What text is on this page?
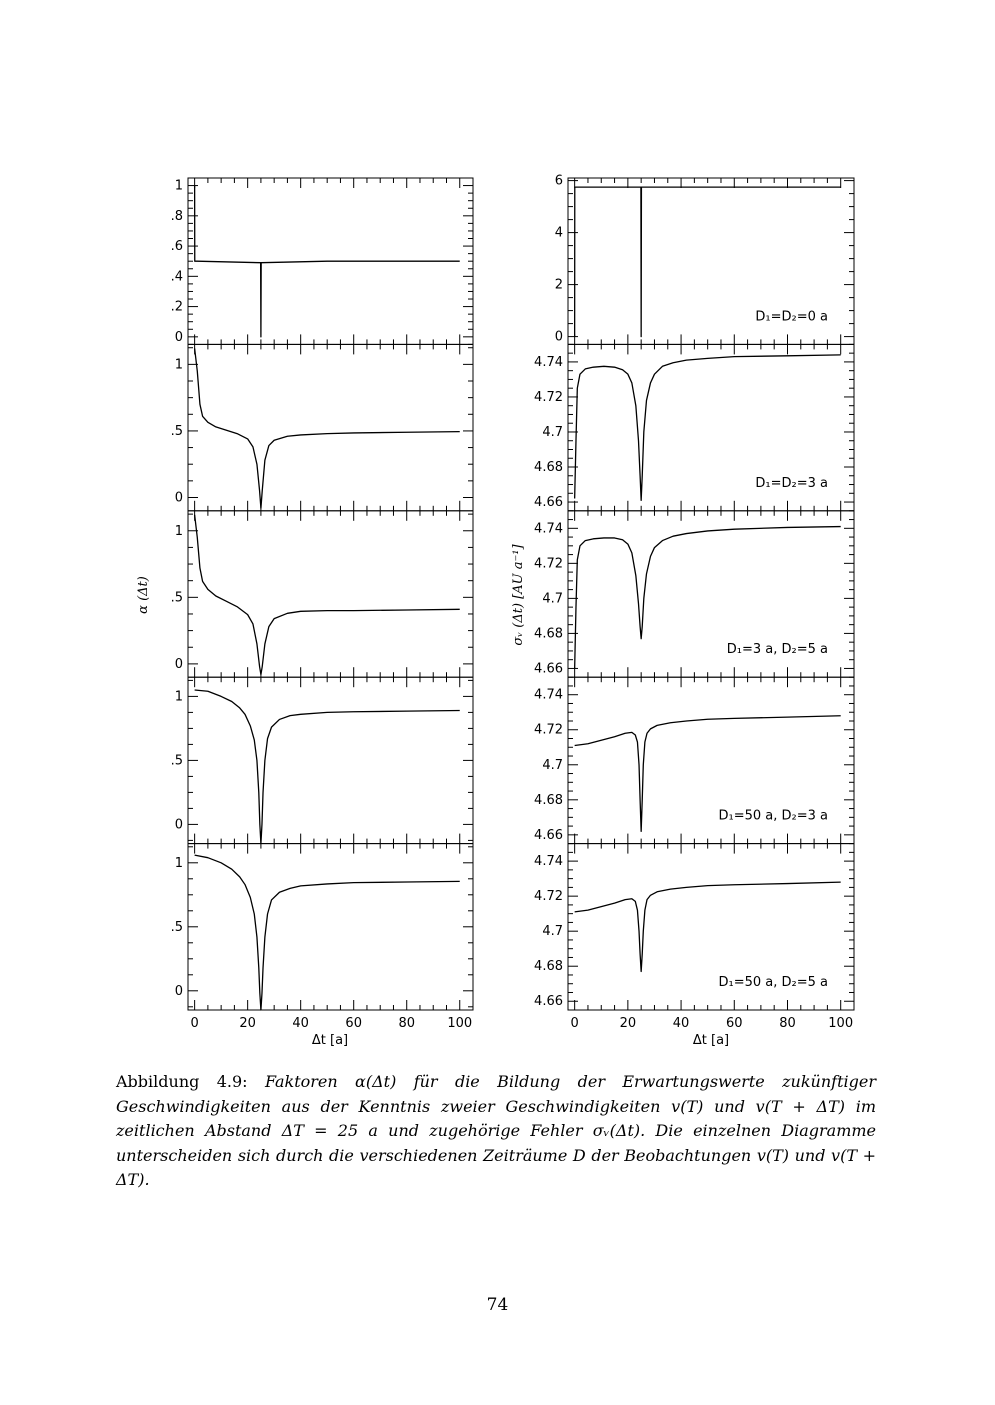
0
.2
.4
.6
.8
1
0
.5
1
0
.5
1
0
.5
1
0
.5
1
0	20	40	60	80 100
0
2
4
6
D₁=D₂=0 a
4.66
4.68
4.7
4.72
4.74
D₁=D₂=3 a
4.66
4.68
4.7
4.72
4.74
D₁=3 a, D₂=5 a
4.66
4.68
4.7
4.72
4.74
D₁=50 a, D₂=3 a
4.66
4.68
4.7
4.72
4.74
D₁=50 a, D₂=5 a
0	20	40	60	80	100
α (Δt)	σᵥ (Δt) [AU a⁻¹]
Δt [a]	Δt [a]
Abbildung 4.9: Faktoren α(Δt) für die Bildung der Erwartungswerte zukünftiger Geschwindigkeiten aus der Kenntnis zweier Geschwindigkeiten v(T) und v(T + ΔT) im zeitlichen Abstand ΔT = 25 a und zugehörige Fehler σᵥ(Δt). Die einzelnen Diagramme unterscheiden sich durch die verschiedenen Zeiträume D der Beobachtungen v(T) und v(T + ΔT).
74
